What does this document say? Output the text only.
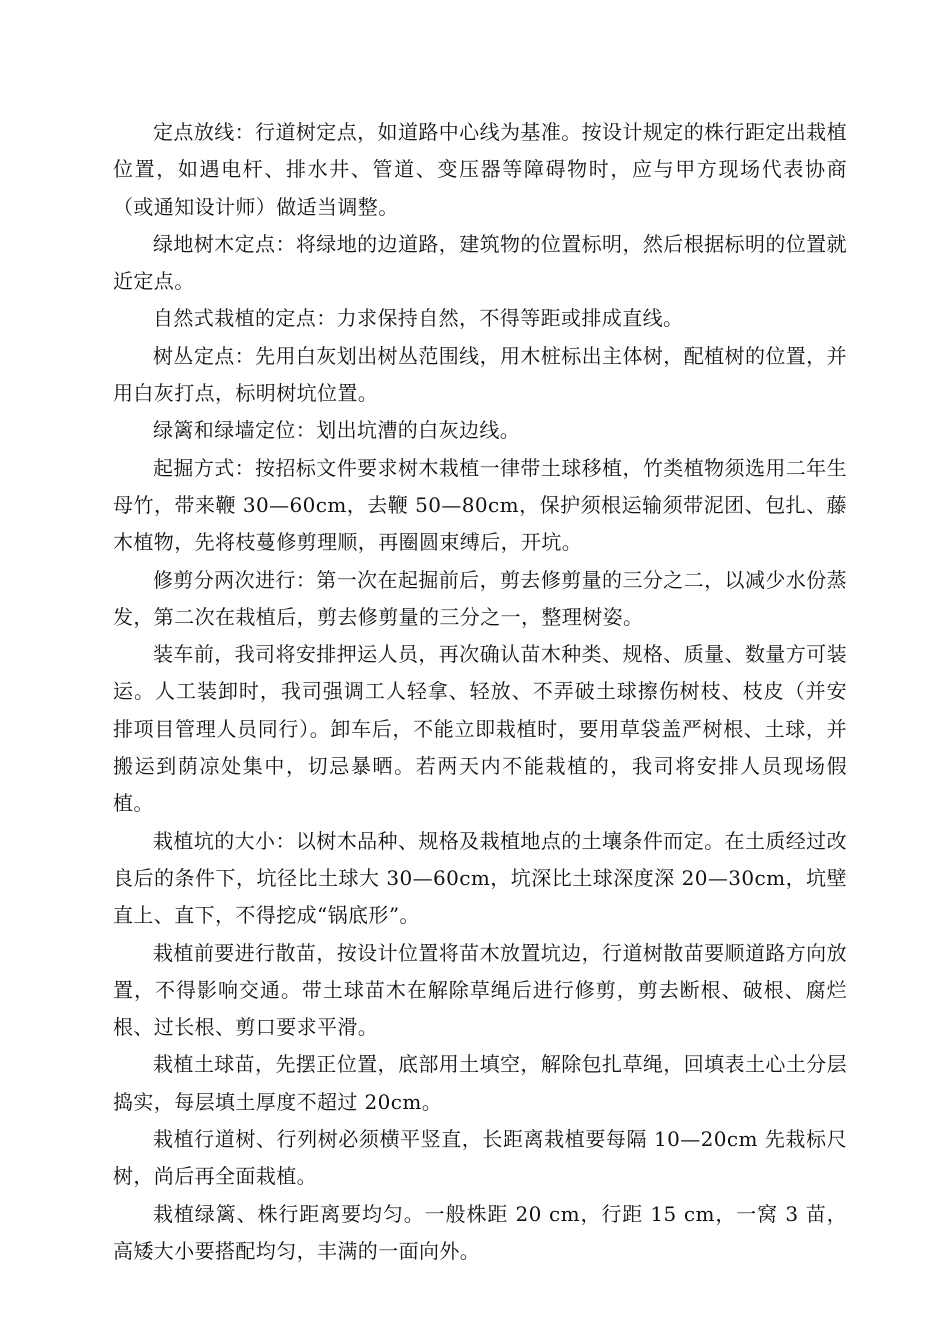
定点放线：行道树定点，如道路中心线为基准。按设计规定的株行距定出栽植位置，如遇电杆、排水井、管道、变压器等障碍物时，应与甲方现场代表协商（或通知设计师）做适当调整。

绿地树木定点：将绿地的边道路，建筑物的位置标明，然后根据标明的位置就近定点。

自然式栽植的定点：力求保持自然，不得等距或排成直线。

树丛定点：先用白灰划出树丛范围线，用木桩标出主体树，配植树的位置，并用白灰打点，标明树坑位置。

绿篱和绿墙定位：划出坑漕的白灰边线。

起掘方式：按招标文件要求树木栽植一律带土球移植，竹类植物须选用二年生母竹，带来鞭 30—60cm，去鞭 50—80cm，保护须根运输须带泥团、包扎、藤木植物，先将枝蔓修剪理顺，再圈圆束缚后，开坑。

修剪分两次进行：第一次在起掘前后，剪去修剪量的三分之二，以减少水份蒸发，第二次在栽植后，剪去修剪量的三分之一，整理树姿。

装车前，我司将安排押运人员，再次确认苗木种类、规格、质量、数量方可装运。人工装卸时，我司强调工人轻拿、轻放、不弄破土球擦伤树枝、枝皮（并安排项目管理人员同行）。卸车后，不能立即栽植时，要用草袋盖严树根、土球，并搬运到荫凉处集中，切忌暴晒。若两天内不能栽植的，我司将安排人员现场假植。

栽植坑的大小：以树木品种、规格及栽植地点的土壤条件而定。在土质经过改良后的条件下，坑径比土球大 30—60cm，坑深比土球深度深 20—30cm，坑壁直上、直下，不得挖成“锅底形”。

栽植前要进行散苗，按设计位置将苗木放置坑边，行道树散苗要顺道路方向放置，不得影响交通。带土球苗木在解除草绳后进行修剪，剪去断根、破根、腐烂根、过长根、剪口要求平滑。

栽植土球苗，先摆正位置，底部用土填空，解除包扎草绳，回填表土心土分层捣实，每层填土厚度不超过 20cm。

栽植行道树、行列树必须横平竖直，长距离栽植要每隔 10—20cm 先栽标尺树，尚后再全面栽植。

栽植绿篱、株行距离要均匀。一般株距 20 cm，行距 15 cm，一窝 3 苗，高矮大小要搭配均匀，丰满的一面向外。
